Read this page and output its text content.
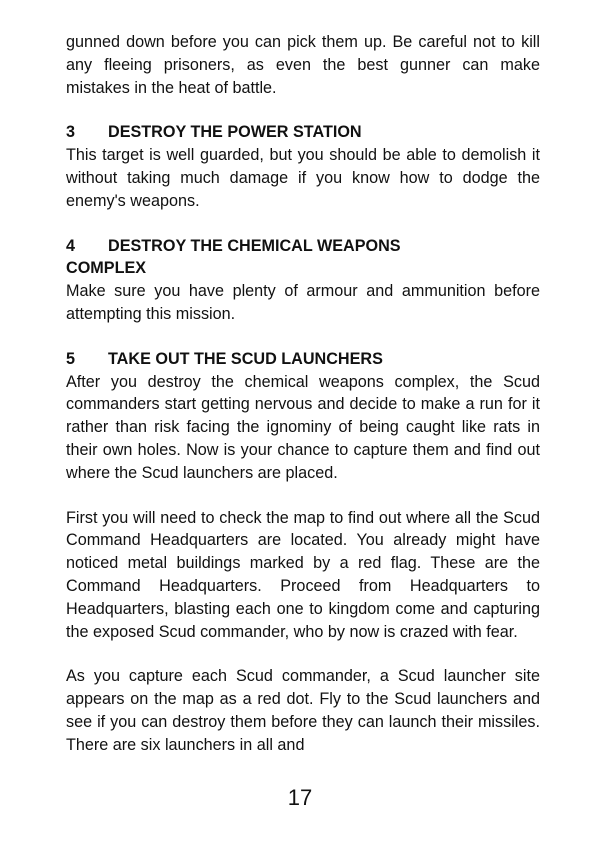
gunned down before you can pick them up. Be careful not to kill any fleeing prisoners, as even the best gunner can make mistakes in the heat of battle.

3 DESTROY THE POWER STATION

This target is well guarded, but you should be able to demolish it without taking much damage if you know how to dodge the enemy's weapons.

4 DESTROY THE CHEMICAL WEAPONS
COMPLEX

Make sure you have plenty of armour and ammunition before attempting this mission.

5 TAKE OUT THE SCUD LAUNCHERS

After you destroy the chemical weapons complex, the Scud commanders start getting nervous and decide to make a run for it rather than risk facing the ignominy of being caught like rats in their own holes. Now is your chance to capture them and find out where the Scud launchers are placed.

First you will need to check the map to find out where all the Scud Command Headquarters are located. You already might have noticed metal buildings marked by a red flag. These are the Command Headquarters. Proceed from Headquarters to Headquarters, blasting each one to kingdom come and capturing the exposed Scud commander, who by now is crazed with fear.

As you capture each Scud commander, a Scud launcher site appears on the map as a red dot. Fly to the Scud launchers and see if you can destroy them before they can launch their missiles. There are six launchers in all and

17
